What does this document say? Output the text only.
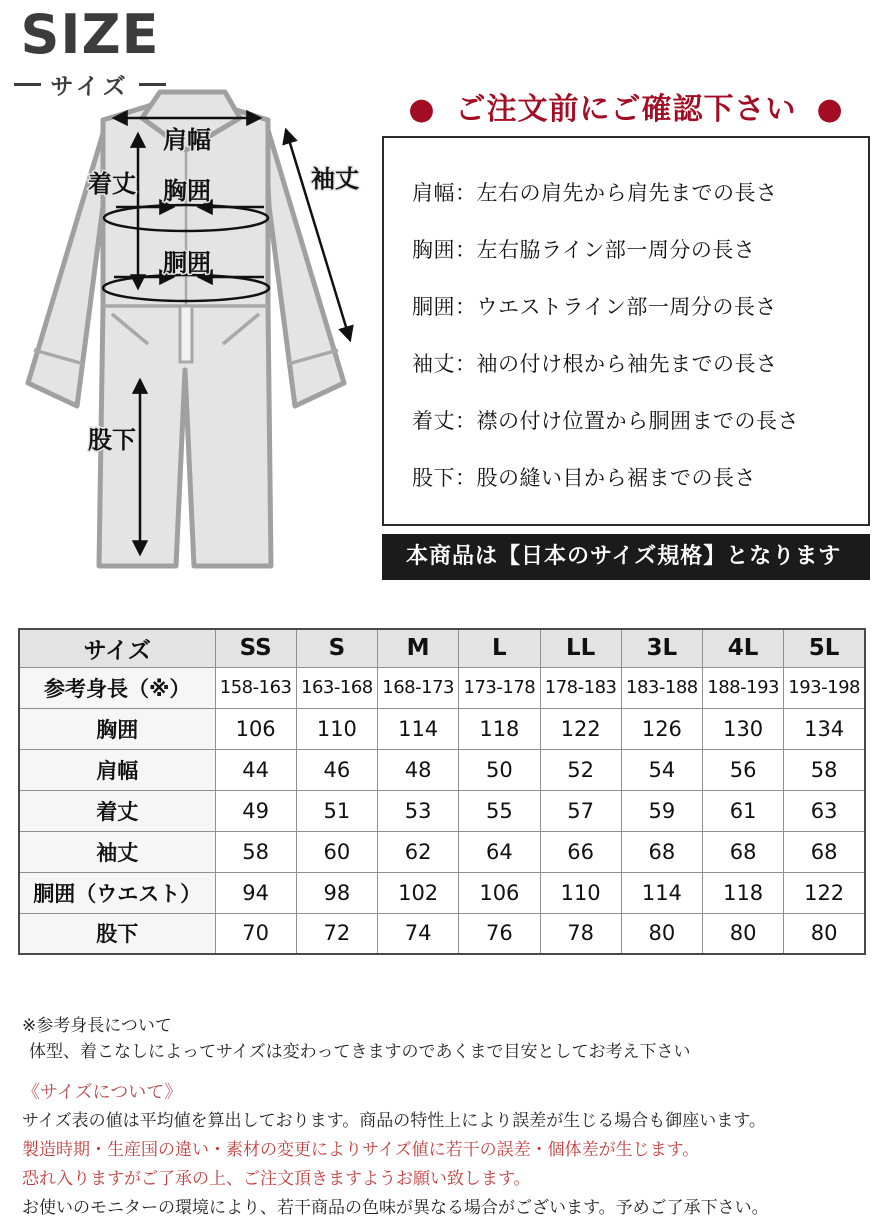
SIZE
サイズ
肩幅
着丈	袖丈
胸囲
胴囲
股下
● ご注文前にご確認下さい ●

肩幅：左右の肩先から肩先までの長さ

胸囲：左右脇ライン部一周分の長さ

胴囲：ウエストライン部一周分の長さ

袖丈：袖の付け根から袖先までの長さ

着丈：襟の付け位置から胴囲までの長さ

股下：股の縫い目から裾までの長さ

本商品は【日本のサイズ規格】となります
サイズ	SS	S	M	L	LL	3L	4L	5L
参考身長（※）	158-163	163-168	168-173	173-178	178-183	183-188	188-193	193-198
胸囲	106	110	114	118	122	126	130	134
肩幅	44	46	48	50	52	54	56	58
着丈	49	51	53	55	57	59	61	63
袖丈	58	60	62	64	66	68	68	68
胴囲（ウエスト）	94	98	102	106	110	114	118	122
股下	70	72	74	76	78	80	80	80

※参考身長について

体型、着こなしによってサイズは変わってきますのであくまで目安としてお考え下さい

《サイズについて》

サイズ表の値は平均値を算出しております。商品の特性上により誤差が生じる場合も御座います。

製造時期・生産国の違い・素材の変更によりサイズ値に若干の誤差・個体差が生じます。

恐れ入りますがご了承の上、ご注文頂きますようお願い致します。

お使いのモニターの環境により、若干商品の色味が異なる場合がございます。予めご了承下さい。
